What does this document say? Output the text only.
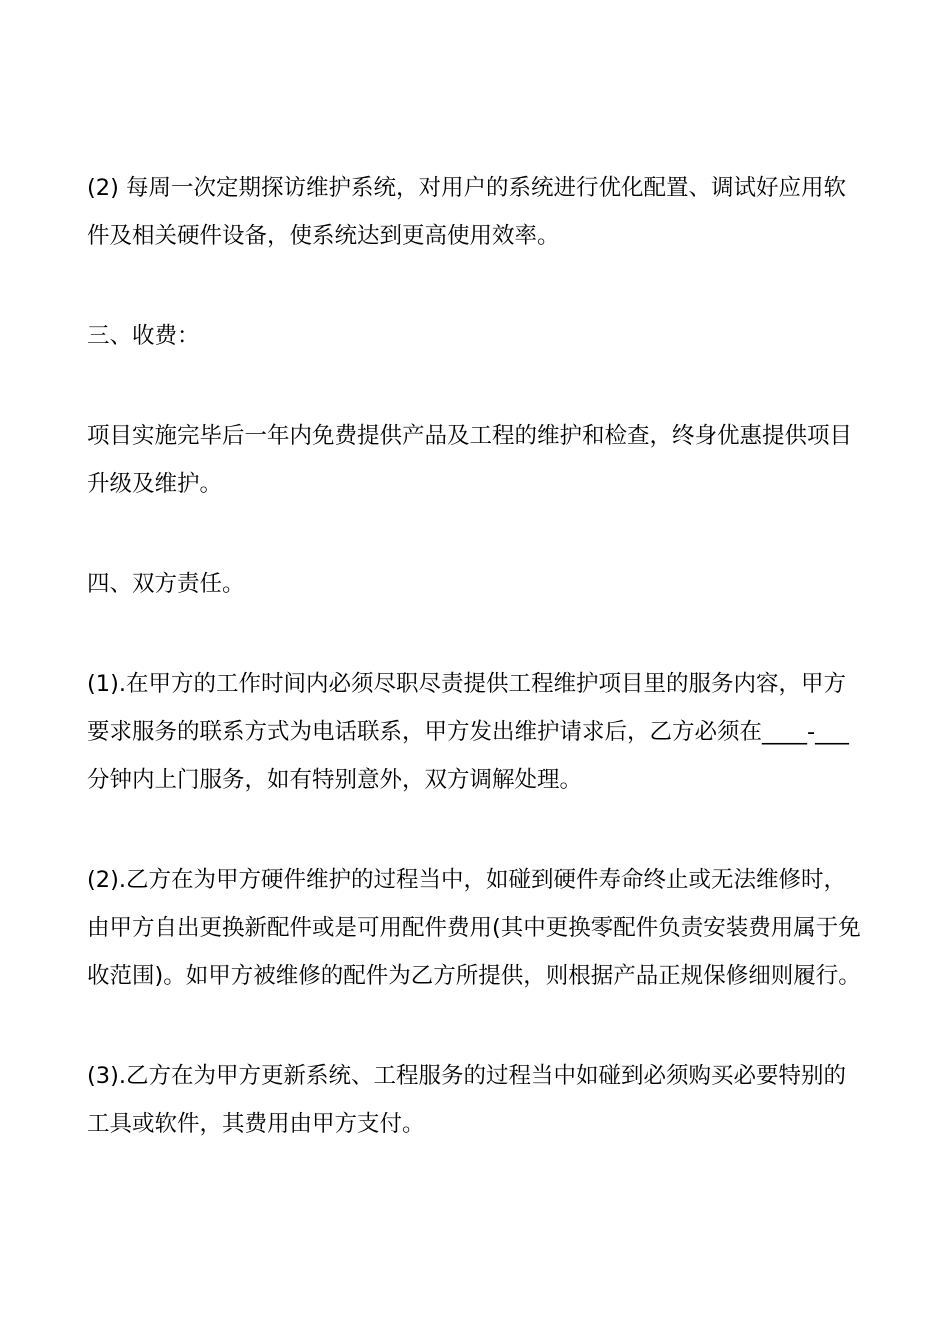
(2) 每周一次定期探访维护系统，对用户的系统进行优化配置、调试好应用软件及相关硬件设备，使系统达到更高使用效率。

三、收费：

项目实施完毕后一年内免费提供产品及工程的维护和检查，终身优惠提供项目升级及维护。

四、双方责任。

(1).在甲方的工作时间内必须尽职尽责提供工程维护项目里的服务内容，甲方要求服务的联系方式为电话联系，甲方发出维护请求后，乙方必须在____-___分钟内上门服务，如有特别意外，双方调解处理。

(2).乙方在为甲方硬件维护的过程当中，如碰到硬件寿命终止或无法维修时，由甲方自出更换新配件或是可用配件费用(其中更换零配件负责安装费用属于免收范围)。如甲方被维修的配件为乙方所提供，则根据产品正规保修细则履行。

(3).乙方在为甲方更新系统、工程服务的过程当中如碰到必须购买必要特别的工具或软件，其费用由甲方支付。
